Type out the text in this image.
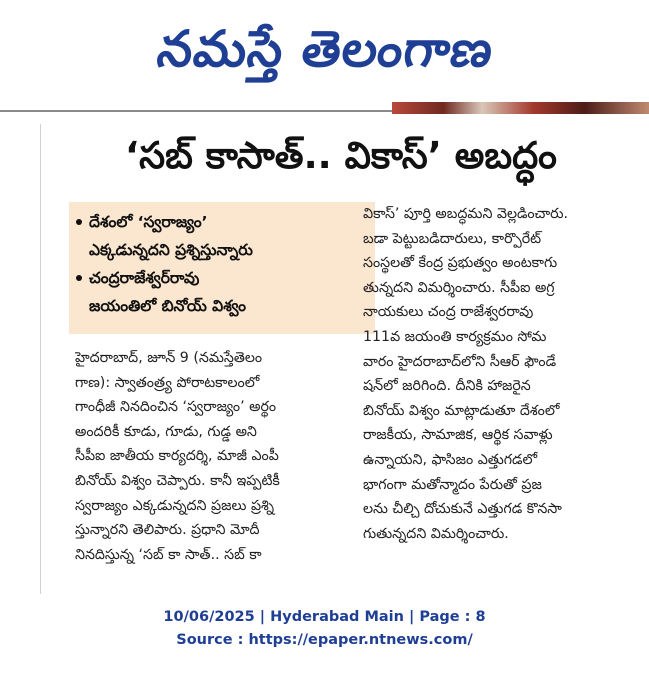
నమస్తే తెలంగాణ
‘సబ్‌ కాసాత్‌.. వికాస్‌’ అబద్ధం
దేశంలో ‘స్వరాజ్యం’
ఎక్కడున్నదని ప్రశ్నిస్తున్నారు
చంద్రరాజేశ్వర్‌రావు
జయంతిలో బినోయ్‌ విశ్వం
హైదరాబాద్‌, జూన్‌ 9 (నమస్తేతెలం
గాణ): స్వాతంత్ర్య పోరాటకాలంలో
గాంధీజీ నినదించిన ‘స్వరాజ్యం’ అర్థం
అందరికీ కూడు, గూడు, గుడ్డ అని
సీపీఐ జాతీయ కార్యదర్శి, మాజీ ఎంపీ
బినోయ్‌ విశ్వం చెప్పారు. కానీ ఇప్పటికీ
స్వరాజ్యం ఎక్కడున్నదని ప్రజలు ప్రశ్ని
స్తున్నారని తెలిపారు. ప్రధాని మోదీ
నినదిస్తున్న ‘సబ్‌ కా సాత్‌.. సబ్‌ కా
వికాస్‌’ పూర్తి అబద్ధమని వెల్లడించారు.
బడా పెట్టుబడిదారులు, కార్పొరేట్‌
సంస్థలతో కేంద్ర ప్రభుత్వం అంటకాగు
తున్నదని విమర్శించారు. సీపీఐ అగ్ర
నాయకులు చంద్ర రాజేశ్వరరావు
111వ జయంతి కార్యక్రమం సోమ
వారం హైదరాబాద్‌లోని సీఆర్‌ ఫౌండే
షన్‌లో జరిగింది. దీనికి హాజరైన
బినోయ్‌ విశ్వం మాట్లాడుతూ దేశంలో
రాజకీయ, సామాజిక, ఆర్థిక సవాళ్లు
ఉన్నాయని, ఫాసిజం ఎత్తుగడలో
భాగంగా మతోన్మాదం పేరుతో ప్రజ
లను చీల్చి దోచుకునే ఎత్తుగడ కొనసా
గుతున్నదని విమర్శించారు.
10/06/2025 | Hyderabad Main | Page : 8
Source : https://epaper.ntnews.com/
